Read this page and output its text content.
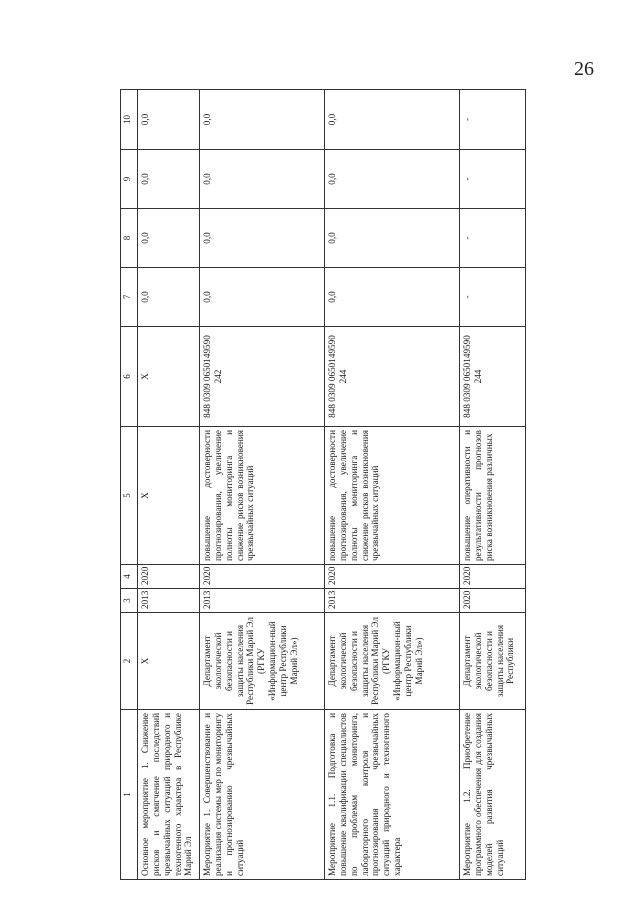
26
1	2	3	4	5	6	7	8	9	10
Основное мероприятие 1. Снижение рисков и смягчение последствий чрезвычайных ситуаций природного и техногенного характера в Республике Марий Эл	X	2013	2020	X	X	0,0	0,0	0,0	0,0
Мероприятие 1. Совершенствование и реализация системы мер по мониторингу и прогнозированию чрезвычайных ситуаций	Департамент экологической безопасности и защиты населения Республики Марий Эл (РГКУ «Информацион-ный центр Республики Марий Эл»)	2013	2020	повышение достоверности прогнозирования, увеличение полноты мониторинга и снижение рисков возникновения чрезвычайных ситуаций	848 0309 0650149590 242	0,0	0,0	0,0	0,0
Мероприятие 1.1. Подготовка и повышение квалификации специалистов по проблемам мониторинга, лабораторного контроля и прогнозирования чрезвычайных ситуаций природного и техногенного характера	Департамент экологической безопасности и защиты населения Республики Марий Эл (РГКУ «Информацион-ный центр Республики Марий Эл»)	2013	2020	повышение достоверности прогнозирования, увеличение полноты мониторинга и снижение рисков возникновения чрезвычайных ситуаций	848 0309 0650149590 244	0,0	0,0	0,0	0,0
Мероприятие 1.2. Приобретение программного обеспечения для создания моделей развития чрезвычайных ситуаций	Департамент экологической безопасности и защиты населения Республики	2020	2020	повышение оперативности и результативности прогнозов риска возникновения различных	848 0309 0650149590 244	-	-	-	-
